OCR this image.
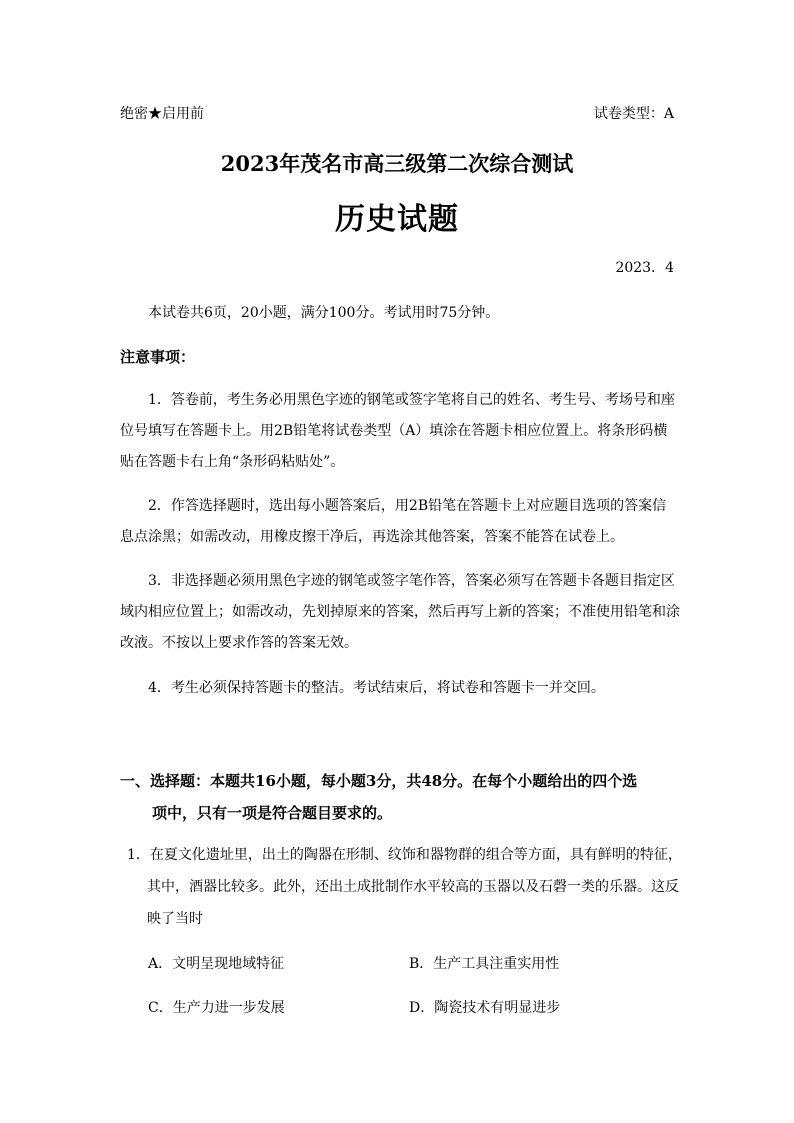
绝密★启用前	试卷类型：A
2023年茂名市高三级第二次综合测试
历史试题
2023．4
本试卷共6页，20小题，满分100分。考试用时75分钟。
注意事项：
1．答卷前，考生务必用黑色字迹的钢笔或签字笔将自己的姓名、考生号、考场号和座
位号填写在答题卡上。用2B铅笔将试卷类型（A）填涂在答题卡相应位置上。将条形码横
贴在答题卡右上角“条形码粘贴处”。
2．作答选择题时，选出每小题答案后，用2B铅笔在答题卡上对应题目选项的答案信
息点涂黑；如需改动，用橡皮擦干净后，再选涂其他答案，答案不能答在试卷上。
3．非选择题必须用黑色字迹的钢笔或签字笔作答，答案必须写在答题卡各题目指定区
域内相应位置上；如需改动，先划掉原来的答案，然后再写上新的答案；不准使用铅笔和涂
改液。不按以上要求作答的答案无效。
4．考生必须保持答题卡的整洁。考试结束后，将试卷和答题卡一并交回。
一、选择题：本题共16小题，每小题3分，共48分。在每个小题给出的四个选
项中，只有一项是符合题目要求的。
1．在夏文化遗址里，出土的陶器在形制、纹饰和器物群的组合等方面，具有鲜明的特征，
其中，酒器比较多。此外，还出土成批制作水平较高的玉器以及石磬一类的乐器。这反
映了当时
A．文明呈现地域特征	B．生产工具注重实用性
C．生产力进一步发展	D．陶瓷技术有明显进步
